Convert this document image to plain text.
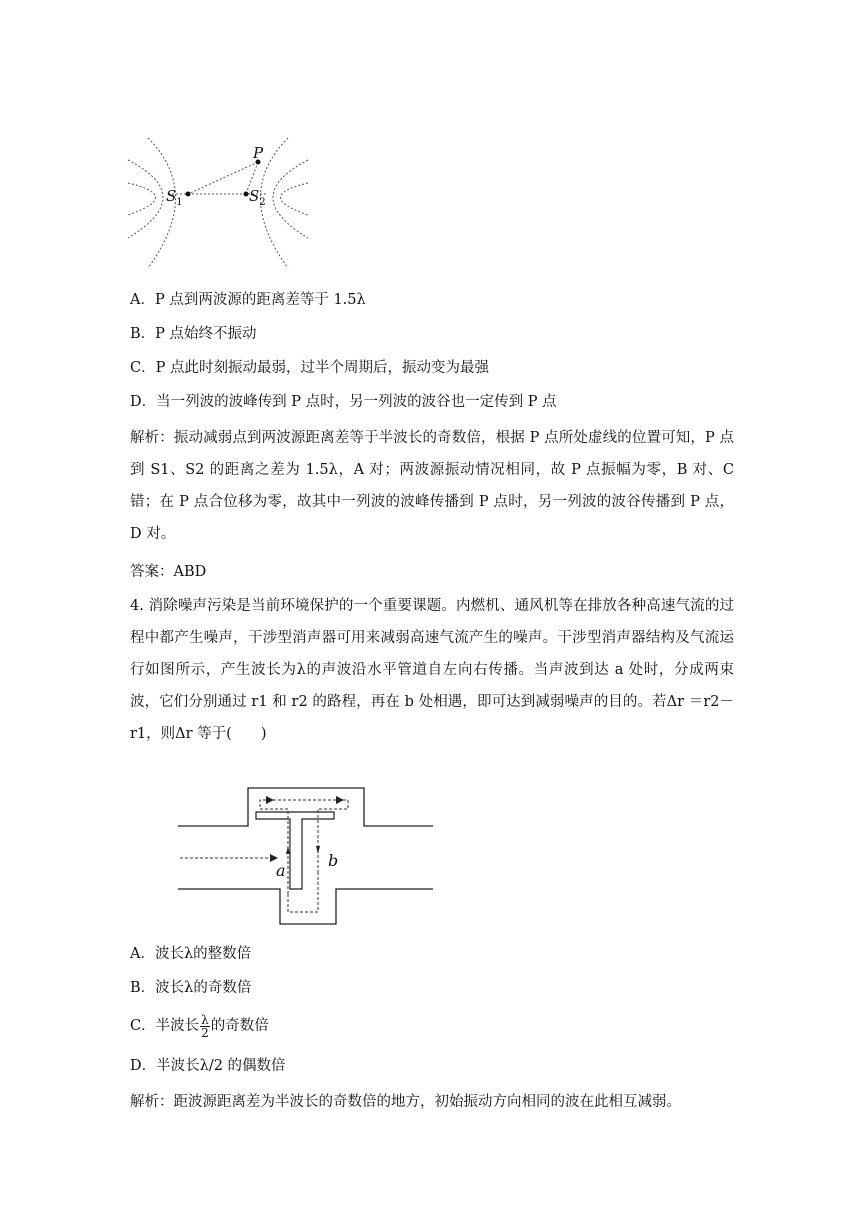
P
$S_1$	$S_2$

A．P 点到两波源的距离差等于 1.5λ

B．P 点始终不振动

C．P 点此时刻振动最弱，过半个周期后，振动变为最强

D．当一列波的波峰传到 P 点时，另一列波的波谷也一定传到 P 点

解析：振动减弱点到两波源距离差等于半波长的奇数倍，根据 P 点所处虚线的位置可知，P 点到 S1、S2 的距离之差为 1.5λ，A 对；两波源振动情况相同，故 P 点振幅为零，B 对、C 错；在 P 点合位移为零，故其中一列波的波峰传播到 P 点时，另一列波的波谷传播到 P 点，D 对。

答案：ABD

4. 消除噪声污染是当前环境保护的一个重要课题。内燃机、通风机等在排放各种高速气流的过程中都产生噪声，干涉型消声器可用来减弱高速气流产生的噪声。干涉型消声器结构及气流运行如图所示，产生波长为λ的声波沿水平管道自左向右传播。当声波到达 a 处时，分成两束波，它们分别通过 r1 和 r2 的路程，再在 b 处相遇，即可达到减弱噪声的目的。若Δr ＝r2－r1，则Δr 等于(　　)

a
b

A．波长λ的整数倍

B．波长λ的奇数倍

C．半波长 $\frac{\lambda}{2}$ 的奇数倍

D．半波长λ/2 的偶数倍

解析：距波源距离差为半波长的奇数倍的地方，初始振动方向相同的波在此相互减弱。
